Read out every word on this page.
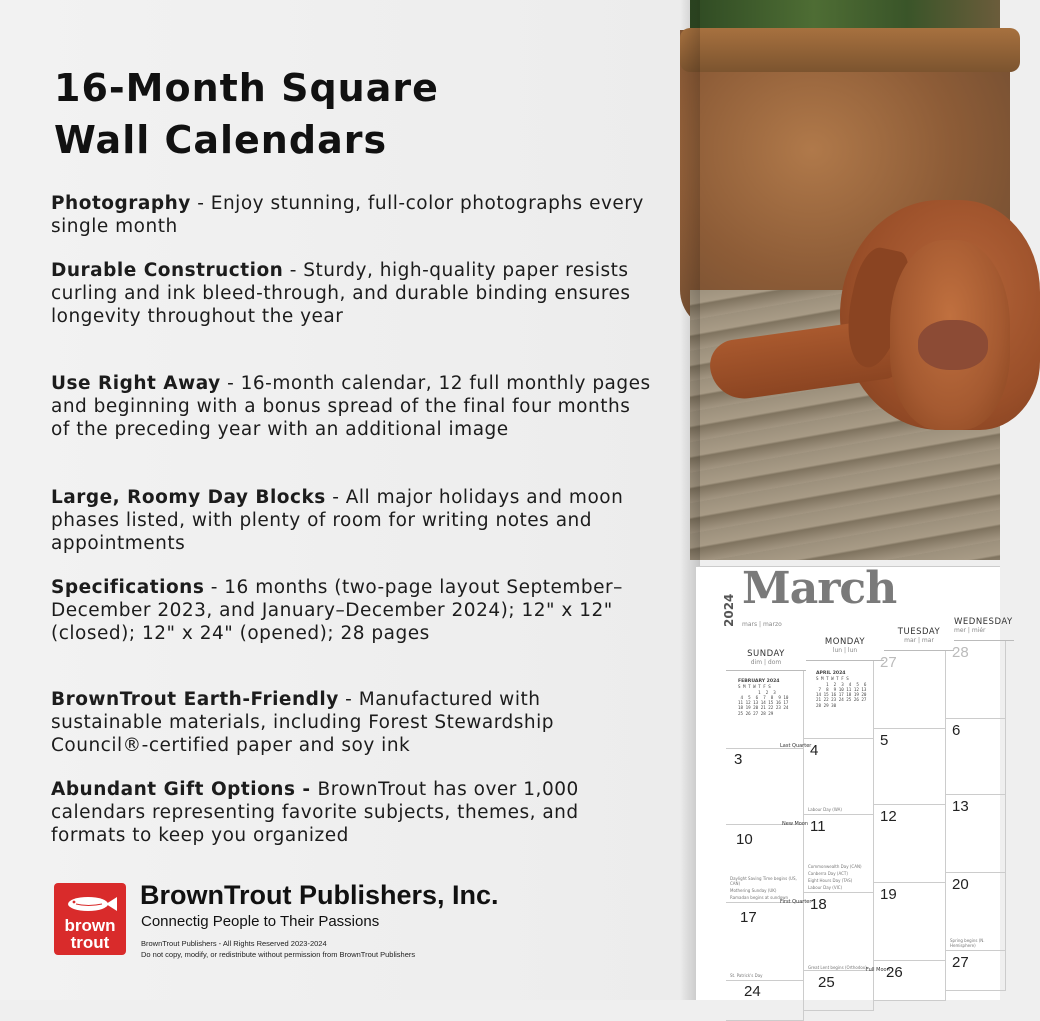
16-Month Square
Wall Calendars
Photography - Enjoy stunning, full-color photographs every single month
Durable Construction - Sturdy, high-quality paper resists curling and ink bleed-through, and durable binding ensures longevity throughout the year
Use Right Away - 16-month calendar, 12 full monthly pages and beginning with a bonus spread of the final four months of the preceding year with an additional image
Large, Roomy Day Blocks - All major holidays and moon phases listed, with plenty of room for writing notes and appointments
Specifications - 16 months (two-page layout September–December 2023, and January–December 2024); 12" x 12" (closed); 12" x 24" (opened); 28 pages
BrownTrout Earth-Friendly - Manufactured with sustainable materials, including Forest Stewardship Council®-certified paper and soy ink
Abundant Gift Options - BrownTrout has over 1,000 calendars representing favorite subjects, themes, and formats to keep you organized
brown
trout
BrownTrout Publishers, Inc.
Connectig People to Their Passions
BrownTrout Publishers - All Rights Reserved 2023-2024
Do not copy, modify, or redistribute without permission from BrownTrout Publishers
2024 March
mars | marzo
SUNDAY
dim | dom
MONDAY
lun | lun
TUESDAY
mar | mar
WEDNESDAY
mer | miér
FEBRUARY 2024
S M T W T F S
1  2  3
4  5  6  7  8  9 10
11 12 13 14 15 16 17
18 19 20 21 22 23 24
25 26 27 28 29
APRIL 2024
S M T W T F S
1  2  3  4  5  6
7  8  9 10 11 12 13
14 15 16 17 18 19 20
21 22 23 24 25 26 27
28 29 30
27
28
3
Last Quarter
4
Labour Day (WA)
5
6
10
Daylight Saving Time begins (US, CAN)
Mothering Sunday (UK)
Ramadan begins at sundown
New Moon 11
Commonwealth Day (CAN)
Canberra Day (ACT)
Eight Hours Day (TAS)
Labour Day (VIC)
12
13
17
St. Patrick's Day
First Quarter
18
19
20
Spring begins (N. Hemisphere)
24
25
Great Lent begins (Orthodox) Full Moon
26
27
